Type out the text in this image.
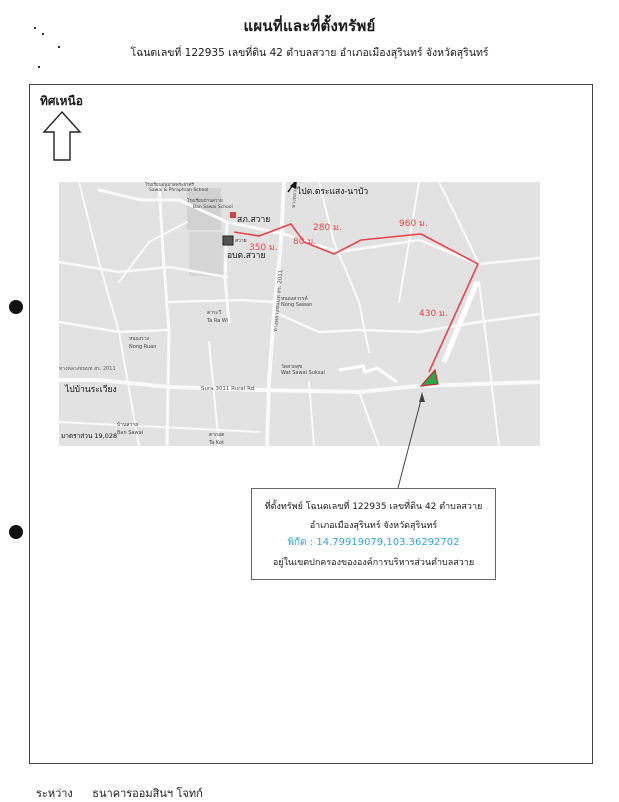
แผนที่และที่ตั้งทรัพย์
โฉนดเลขที่ 122935 เลขที่ดิน 42 ตำบลสวาย อำเภอเมืองสุรินทร์ จังหวัดสุรินทร์
ทิศเหนือ
ไปต.ตระแสง-นาบัว
ไปบ้านระเวียง
ทางหลวงชนบท สร. 2011
ทางหลวงชนบท สร. 2011
Sura 3011 Rural Rd
ทางหลวง
สภ.สวาย
อบต.สวาย
สวาย
โรงเรียนบ้านสวาย
Ban Sawai School
โรงเรียนอนุบาลพระยาศรี
Sawai & Phraphran School
หนองรวง
Nong Ruan
ตาระวี
Ta Ra Wi
หนองสวรรค์
Nong Sawan
วัดสวยสุข
Wat Sawai Suksai
บ้านสวาย
Ban Sawai	ตากอด
Ta Kot
มาตราส่วน 19,028
350 ม.
80 ม.
280 ม.	960 ม.
430 ม.
ที่ตั้งทรัพย์ โฉนดเลขที่ 122935 เลขที่ดิน 42 ตำบลสวาย
อำเภอเมืองสุรินทร์ จังหวัดสุรินทร์
พิกัด : 14.79919079,103.36292702
อยู่ในเขตปกครองขององค์การบริหารส่วนตำบลสวาย
ระหว่าง ธนาคารออมสินฯ โจทก์
